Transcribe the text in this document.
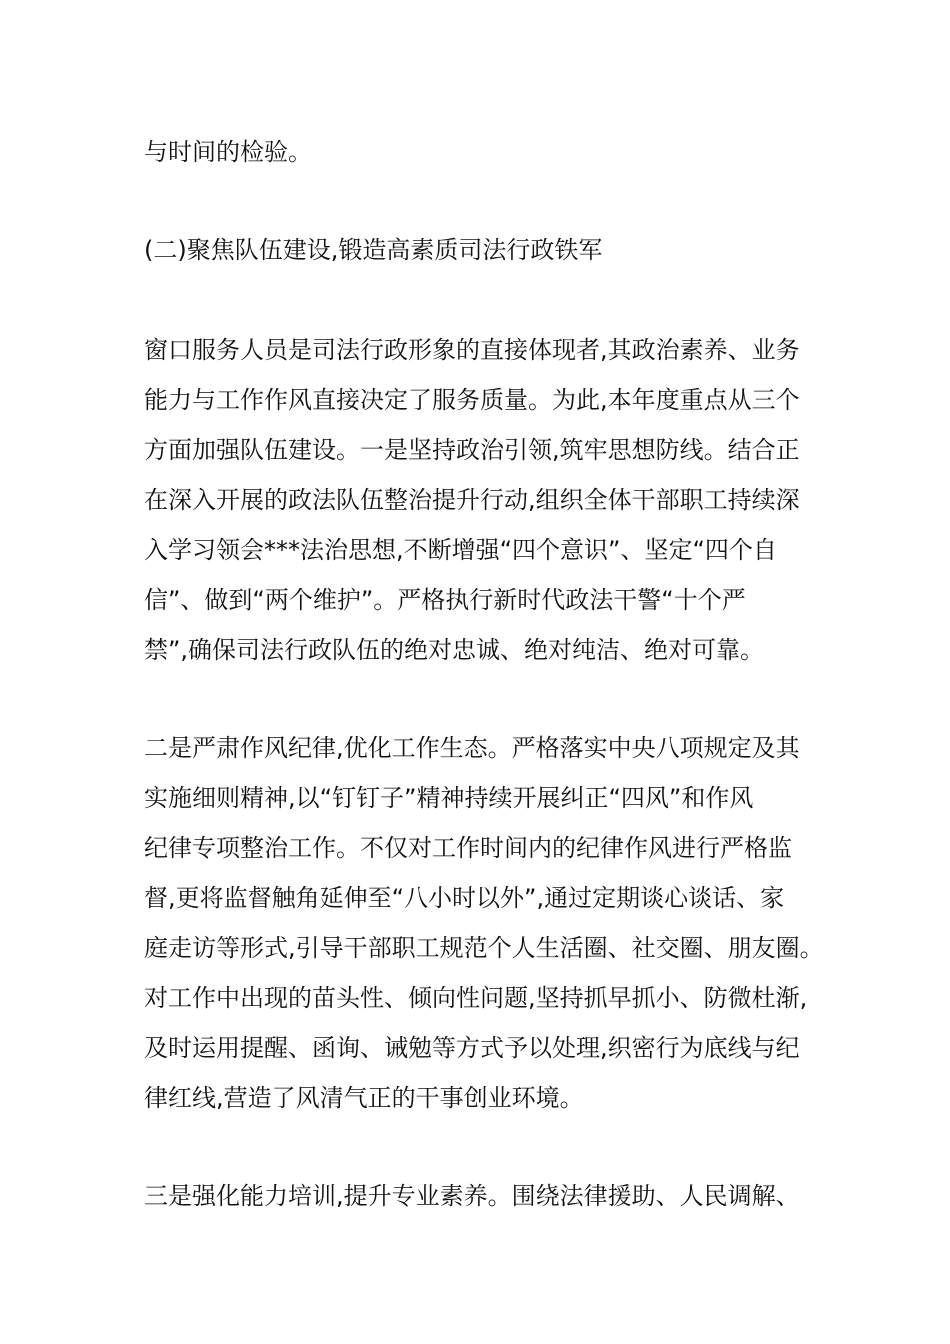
与时间的检验。
(二)聚焦队伍建设,锻造高素质司法行政铁军
窗口服务人员是司法行政形象的直接体现者,其政治素养、业务
能力与工作作风直接决定了服务质量。为此,本年度重点从三个
方面加强队伍建设。一是坚持政治引领,筑牢思想防线。结合正
在深入开展的政法队伍整治提升行动,组织全体干部职工持续深
入学习领会***法治思想,不断增强“四个意识”、坚定“四个自
信”、做到“两个维护”。严格执行新时代政法干警“十个严
禁”,确保司法行政队伍的绝对忠诚、绝对纯洁、绝对可靠。
二是严肃作风纪律,优化工作生态。严格落实中央八项规定及其
实施细则精神,以“钉钉子”精神持续开展纠正“四风”和作风
纪律专项整治工作。不仅对工作时间内的纪律作风进行严格监
督,更将监督触角延伸至“八小时以外”,通过定期谈心谈话、家
庭走访等形式,引导干部职工规范个人生活圈、社交圈、朋友圈。
对工作中出现的苗头性、倾向性问题,坚持抓早抓小、防微杜渐,
及时运用提醒、函询、诫勉等方式予以处理,织密行为底线与纪
律红线,营造了风清气正的干事创业环境。
三是强化能力培训,提升专业素养。围绕法律援助、人民调解、
